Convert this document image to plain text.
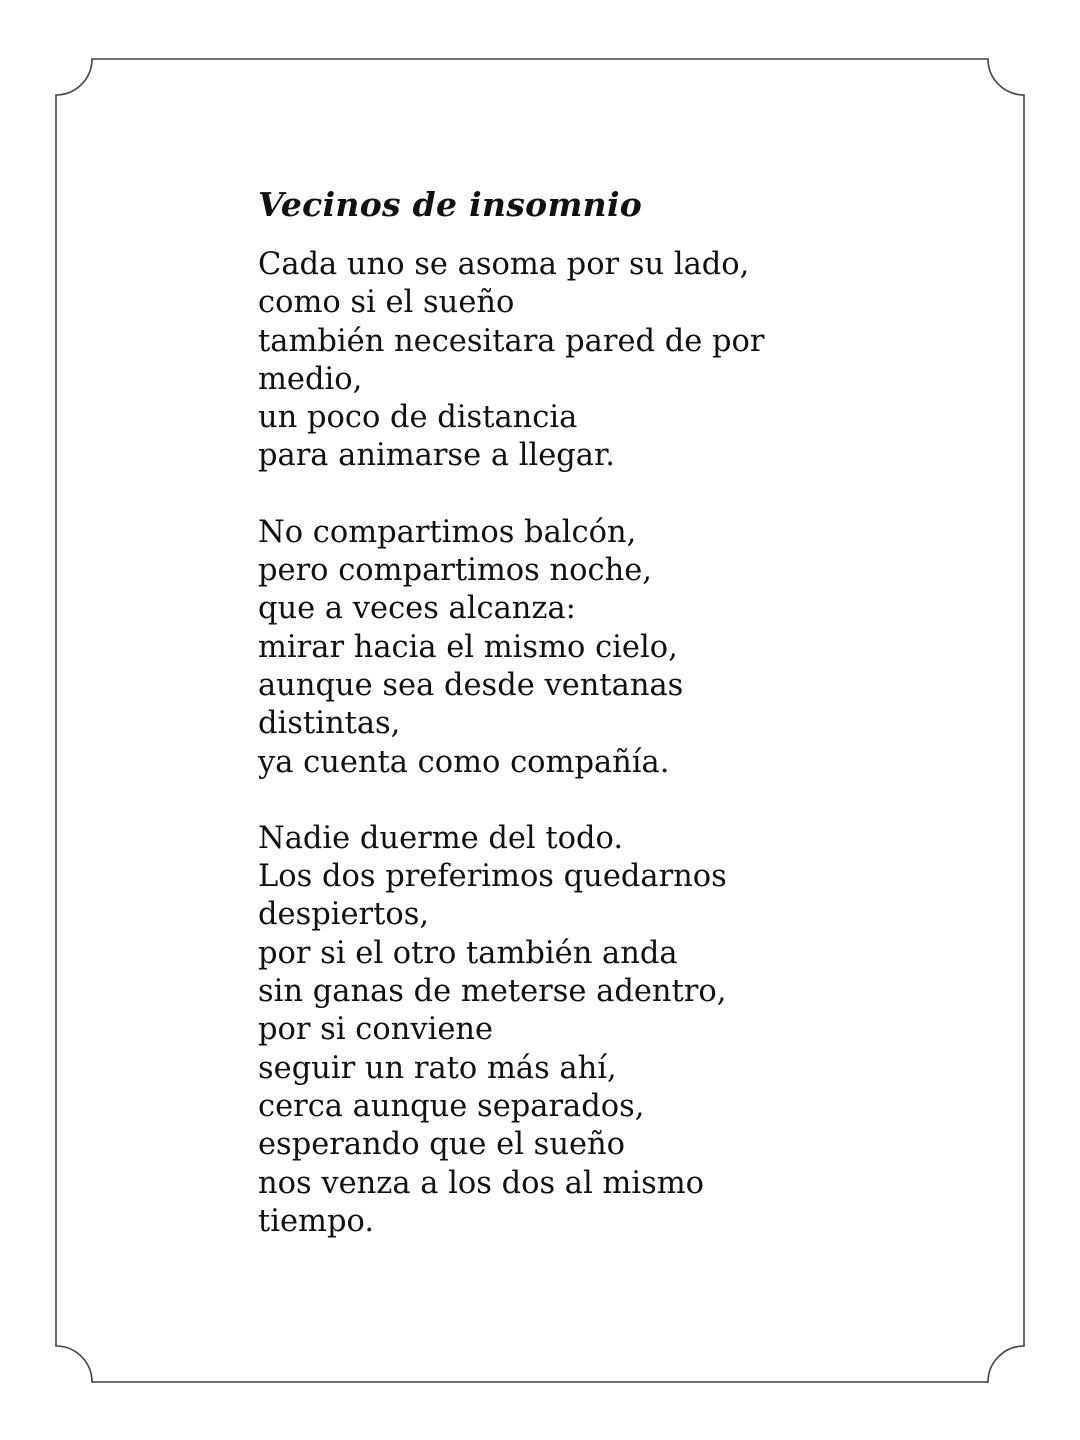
Vecinos de insomnio
Cada uno se asoma por su lado,
como si el sueño
también necesitara pared de por
medio,
un poco de distancia
para animarse a llegar.
No compartimos balcón,
pero compartimos noche,
que a veces alcanza:
mirar hacia el mismo cielo,
aunque sea desde ventanas
distintas,
ya cuenta como compañía.
Nadie duerme del todo.
Los dos preferimos quedarnos
despiertos,
por si el otro también anda
sin ganas de meterse adentro,
por si conviene
seguir un rato más ahí,
cerca aunque separados,
esperando que el sueño
nos venza a los dos al mismo
tiempo.
